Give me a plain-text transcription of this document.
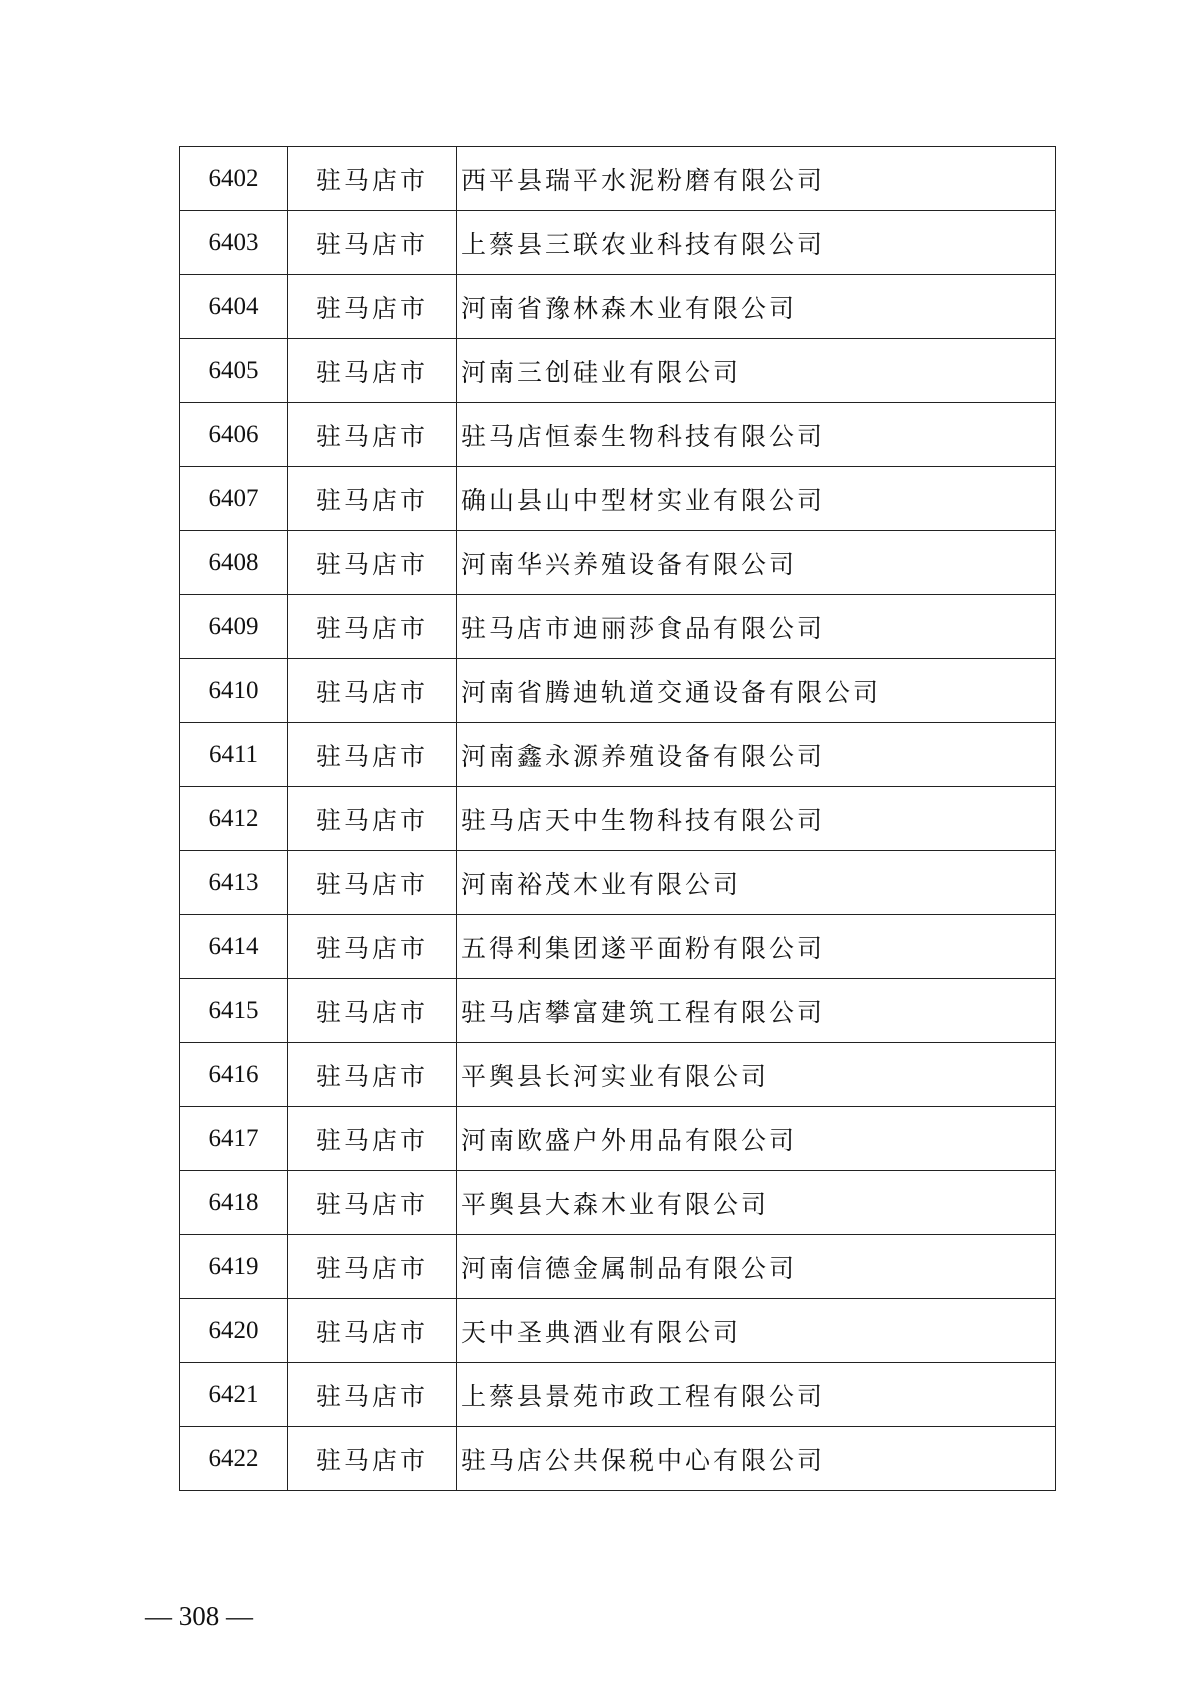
6402	驻马店市	西平县瑞平水泥粉磨有限公司
6403	驻马店市	上蔡县三联农业科技有限公司
6404	驻马店市	河南省豫林森木业有限公司
6405	驻马店市	河南三创硅业有限公司
6406	驻马店市	驻马店恒泰生物科技有限公司
6407	驻马店市	确山县山中型材实业有限公司
6408	驻马店市	河南华兴养殖设备有限公司
6409	驻马店市	驻马店市迪丽莎食品有限公司
6410	驻马店市	河南省腾迪轨道交通设备有限公司
6411	驻马店市	河南鑫永源养殖设备有限公司
6412	驻马店市	驻马店天中生物科技有限公司
6413	驻马店市	河南裕茂木业有限公司
6414	驻马店市	五得利集团遂平面粉有限公司
6415	驻马店市	驻马店攀富建筑工程有限公司
6416	驻马店市	平舆县长河实业有限公司
6417	驻马店市	河南欧盛户外用品有限公司
6418	驻马店市	平舆县大森木业有限公司
6419	驻马店市	河南信德金属制品有限公司
6420	驻马店市	天中圣典酒业有限公司
6421	驻马店市	上蔡县景苑市政工程有限公司
6422	驻马店市	驻马店公共保税中心有限公司
— 308 —
